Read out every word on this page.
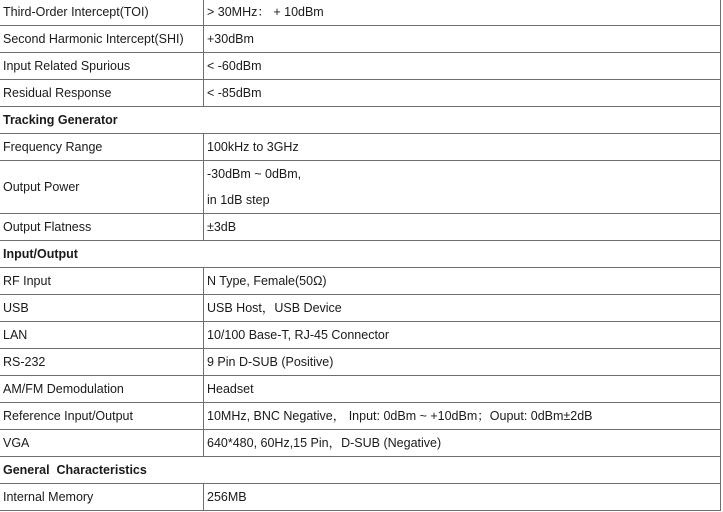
Third-Order Intercept(TOI)	> 30MHz： + 10dBm
Second Harmonic Intercept(SHI)	+30dBm
Input Related Spurious	< -60dBm
Residual Response	< -85dBm
Tracking Generator	
Frequency Range	100kHz to 3GHz
Output Power	-30dBm ~ 0dBm,
in 1dB step

Output Flatness	±3dB
Input/Output	
RF Input	N Type, Female(50Ω)
USB	USB Host，USB Device
LAN	10/100 Base-T, RJ-45 Connector
RS-232	9 Pin D-SUB (Positive)
AM/FM Demodulation	Headset
Reference Input/Output	10MHz, BNC Negative， Input: 0dBm ~ +10dBm；Ouput: 0dBm±2dB
VGA	640*480, 60Hz,15 Pin，D-SUB (Negative)
General  Characteristics	
Internal Memory	256MB
